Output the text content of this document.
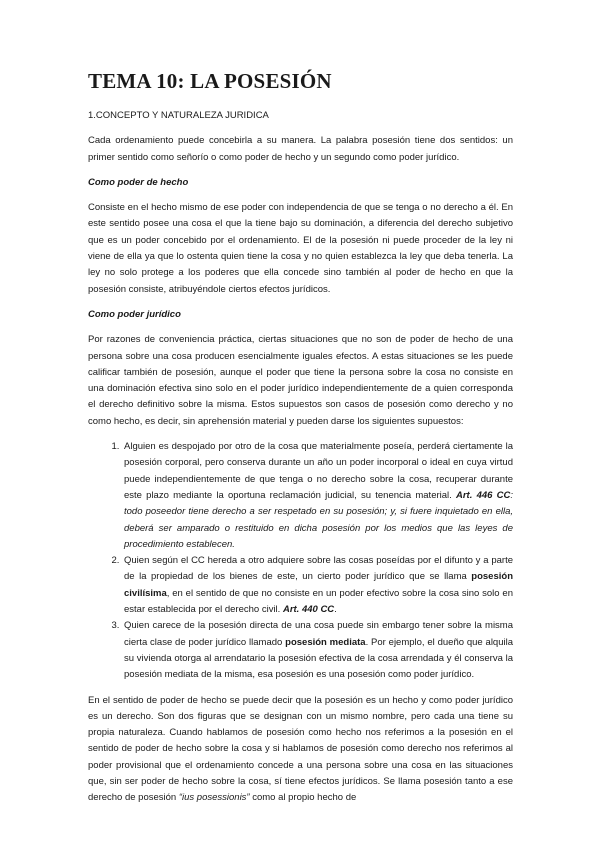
TEMA 10: LA POSESIÓN
1.CONCEPTO Y NATURALEZA JURIDICA

Cada ordenamiento puede concebirla a su manera. La palabra posesión tiene dos sentidos: un primer sentido como señorío o como poder de hecho y un segundo como poder jurídico.

Como poder de hecho

Consiste en el hecho mismo de ese poder con independencia de que se tenga o no derecho a él. En este sentido posee una cosa el que la tiene bajo su dominación, a diferencia del derecho subjetivo que es un poder concebido por el ordenamiento. El de la posesión ni puede proceder de la ley ni viene de ella ya que lo ostenta quien tiene la cosa y no quien establezca la ley que deba tenerla. La ley no solo protege a los poderes que ella concede sino también al poder de hecho en que la posesión consiste, atribuyéndole ciertos efectos jurídicos.

Como poder jurídico

Por razones de conveniencia práctica, ciertas situaciones que no son de poder de hecho de una persona sobre una cosa producen esencialmente iguales efectos. A estas situaciones se les puede calificar también de posesión, aunque el poder que tiene la persona sobre la cosa no consiste en una dominación efectiva sino solo en el poder jurídico independientemente de a quien corresponda el derecho definitivo sobre la misma. Estos supuestos son casos de posesión como derecho y no como hecho, es decir, sin aprehensión material y pueden darse los siguientes supuestos:

1. Alguien es despojado por otro de la cosa que materialmente poseía, perderá ciertamente la posesión corporal, pero conserva durante un año un poder incorporal o ideal en cuya virtud puede independientemente de que tenga o no derecho sobre la cosa, recuperar durante este plazo mediante la oportuna reclamación judicial, su tenencia material. Art. 446 CC: todo poseedor tiene derecho a ser respetado en su posesión; y, si fuere inquietado en ella, deberá ser amparado o restituido en dicha posesión por los medios que las leyes de procedimiento establecen.
2. Quien según el CC hereda a otro adquiere sobre las cosas poseídas por el difunto y a parte de la propiedad de los bienes de este, un cierto poder jurídico que se llama posesión civilísima, en el sentido de que no consiste en un poder efectivo sobre la cosa sino solo en estar establecida por el derecho civil. Art. 440 CC.
3. Quien carece de la posesión directa de una cosa puede sin embargo tener sobre la misma cierta clase de poder jurídico llamado posesión mediata. Por ejemplo, el dueño que alquila su vivienda otorga al arrendatario la posesión efectiva de la cosa arrendada y él conserva la posesión mediata de la misma, esa posesión es una posesión como poder jurídico.

En el sentido de poder de hecho se puede decir que la posesión es un hecho y como poder jurídico es un derecho. Son dos figuras que se designan con un mismo nombre, pero cada una tiene su propia naturaleza. Cuando hablamos de posesión como hecho nos referimos a la posesión en el sentido de poder de hecho sobre la cosa y si hablamos de posesión como derecho nos referimos al poder provisional que el ordenamiento concede a una persona sobre una cosa en las situaciones que, sin ser poder de hecho sobre la cosa, sí tiene efectos jurídicos. Se llama posesión tanto a ese derecho de posesión “ius posessionis” como al propio hecho de
